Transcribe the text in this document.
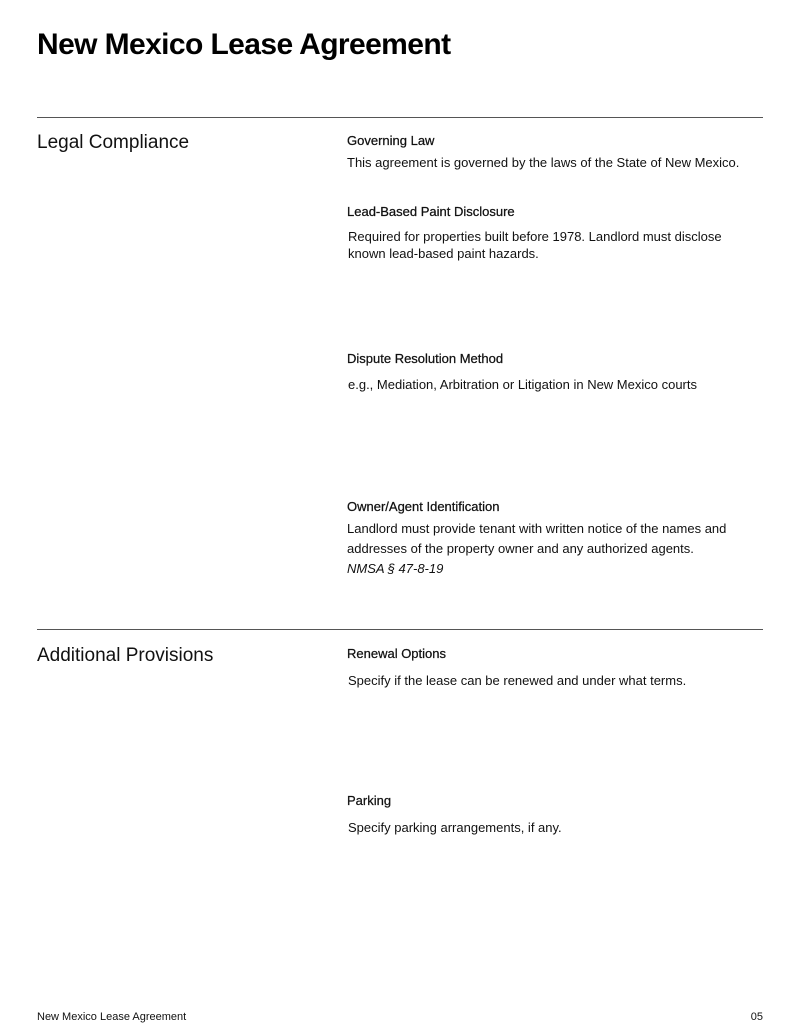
New Mexico Lease Agreement
Legal Compliance	Governing Law

This agreement is governed by the laws of the State of New Mexico.

Lead-Based Paint Disclosure

Required for properties built before 1978. Landlord must disclose known lead-based paint hazards.

Dispute Resolution Method

e.g., Mediation, Arbitration or Litigation in New Mexico courts

Owner/Agent Identification

Landlord must provide tenant with written notice of the names and addresses of the property owner and any authorized agents.
NMSA § 47-8-19

Additional Provisions	Renewal Options

Specify if the lease can be renewed and under what terms.

Parking

Specify parking arrangements, if any.

New Mexico Lease Agreement	05
